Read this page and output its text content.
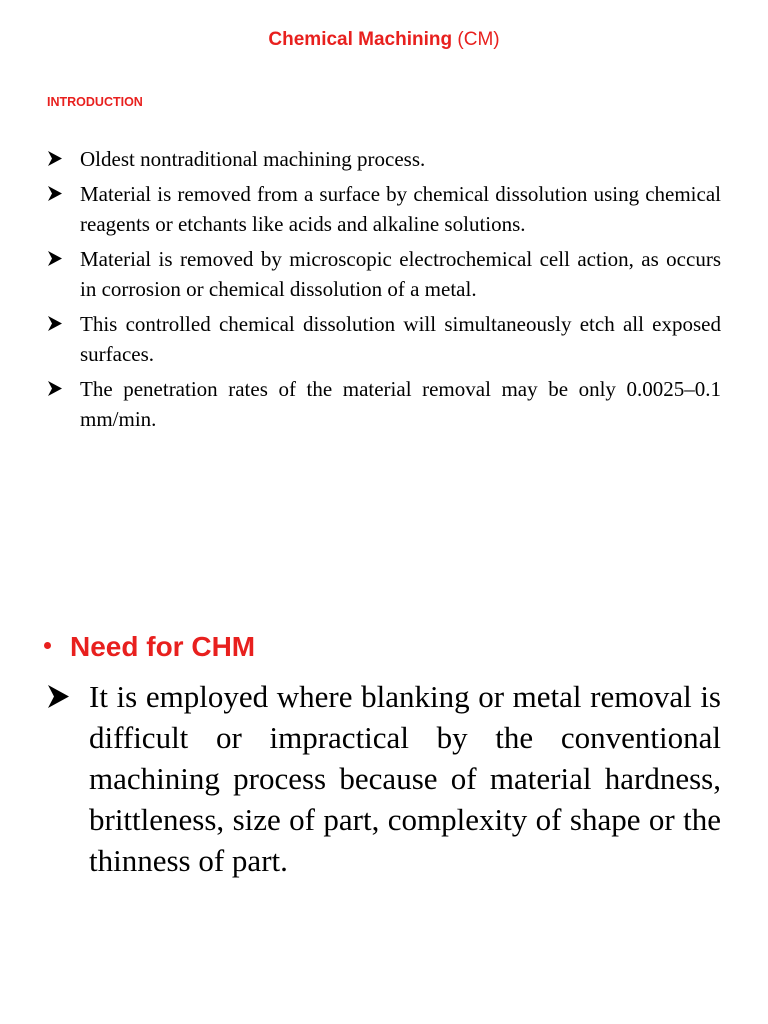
Chemical Machining (CM)
INTRODUCTION
Oldest nontraditional machining process.
Material is removed from a surface by chemical dissolution using chemical reagents or etchants like acids and alkaline solutions.
Material is removed by microscopic electrochemical cell action, as occurs in corrosion or chemical dissolution of a metal.
This controlled chemical dissolution will simultaneously etch all exposed surfaces.
The penetration rates of the material removal may be only 0.0025–0.1 mm/min.
Need for CHM
It is employed where blanking or metal removal is difficult or impractical by the conventional machining process because of material hardness, brittleness, size of part, complexity of shape or the thinness of part.
